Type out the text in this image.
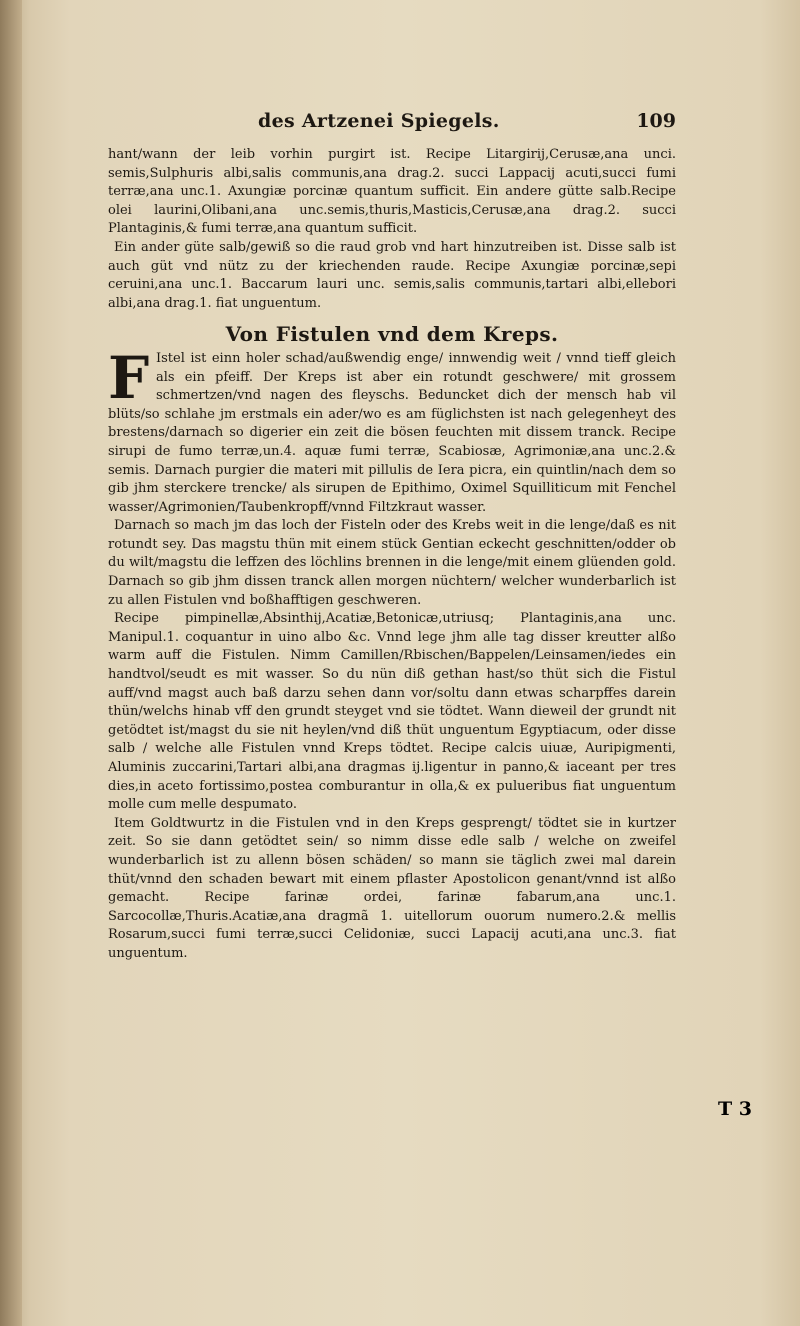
des Artzenei Spiegels.	109

hant/wann der leib vorhin purgirt ist. Recipe Litargirij,Cerusæ,ana unci. semis,Sulphuris albi,salis communis,ana drag.2. succi Lappacij acuti,succi fumi terræ,ana unc.1. Axungiæ porcinæ quantum sufficit. Ein andere gütte salb.Recipe olei laurini,Olibani,ana unc.semis,thuris,Masticis,Cerusæ,ana drag.2. succi Plantaginis,& fumi terræ,ana quantum sufficit.

Ein ander güte salb/gewiß so die raud grob vnd hart hinzutreiben ist. Disse salb ist auch güt vnd nütz zu der kriechenden raude. Recipe Axungiæ porcinæ,sepi ceruini,ana unc.1. Baccarum lauri unc. semis,salis communis,tartari albi,ellebori albi,ana drag.1. fiat unguentum.

Von Fistulen vnd dem Kreps.
F Istel ist einn holer schad/außwendig enge/ innwendig weit / vnnd tieff gleich als ein pfeiff. Der Kreps ist aber ein rotundt geschwere/ mit grossem schmertzen/vnd nagen des fleyschs. Beduncket dich der mensch hab vil blüts/so schlahe jm erstmals ein ader/wo es am füglichsten ist nach gelegenheyt des brestens/darnach so digerier ein zeit die bösen feuchten mit dissem tranck. Recipe sirupi de fumo terræ,un.4. aquæ fumi terræ, Scabiosæ, Agrimoniæ,ana unc.2.& semis. Darnach purgier die materi mit pillulis de Iera picra, ein quintlin/nach dem so gib jhm sterckere trencke/ als sirupen de Epithimo, Oximel Squilliticum mit Fenchel wasser/Agrimonien/Taubenkropff/vnnd Filtzkraut wasser.

Darnach so mach jm das loch der Fisteln oder des Krebs weit in die lenge/daß es nit rotundt sey. Das magstu thün mit einem stück Gentian eckecht geschnitten/odder ob du wilt/magstu die leffzen des löchlins brennen in die lenge/mit einem glüenden gold. Darnach so gib jhm dissen tranck allen morgen nüchtern/ welcher wunderbarlich ist zu allen Fistulen vnd boßhafftigen geschweren.

Recipe pimpinellæ,Absinthij,Acatiæ,Betonicæ,utriusq; Plantaginis,ana unc. Manipul.1. coquantur in uino albo &c. Vnnd lege jhm alle tag disser kreutter alßo warm auff die Fistulen. Nimm Camillen/Rbischen/Bappelen/Leinsamen/iedes ein handtvol/seudt es mit wasser. So du nün diß gethan hast/so thüt sich die Fistul auff/vnd magst auch baß darzu sehen dann vor/soltu dann etwas scharpffes darein thün/welchs hinab vff den grundt steyget vnd sie tödtet. Wann dieweil der grundt nit getödtet ist/magst du sie nit heylen/vnd diß thüt unguentum Egyptiacum, oder disse salb / welche alle Fistulen vnnd Kreps tödtet. Recipe calcis uiuæ, Auripigmenti, Aluminis zuccarini,Tartari albi,ana dragmas ij.ligentur in panno,& iaceant per tres dies,in aceto fortissimo,postea comburantur in olla,& ex pulueribus fiat unguentum molle cum melle despumato.

Item Goldtwurtz in die Fistulen vnd in den Kreps gesprengt/ tödtet sie in kurtzer zeit. So sie dann getödtet sein/ so nimm disse edle salb / welche on zweifel wunderbarlich ist zu allenn bösen schäden/ so mann sie täglich zwei mal darein thüt/vnnd den schaden bewart mit einem pflaster Apostolicon genant/vnnd ist alßo gemacht. Recipe farinæ ordei, farinæ fabarum,ana unc.1. Sarcocollæ,Thuris.Acatiæ,ana dragmã 1. uitellorum ouorum numero.2.& mellis Rosarum,succi fumi terræ,succi Celidoniæ, succi Lapacij acuti,ana unc.3. fiat unguentum.

T 3
